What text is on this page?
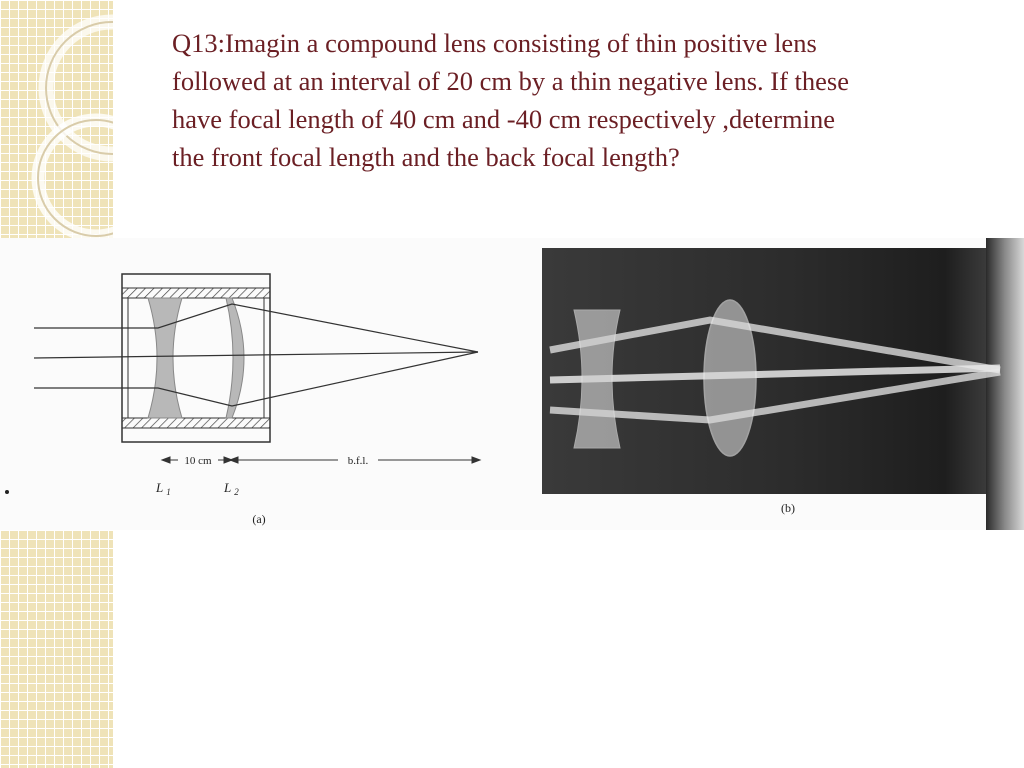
Q13:Imagin a compound lens consisting of thin positive lens
followed at an interval of 20 cm by a thin negative lens. If these
have focal length of 40 cm and -40 cm respectively ,determine
the front focal length and the back focal length?

10 cm	b.f.l.
L $_1$	L $_2$
(a)
(b)
